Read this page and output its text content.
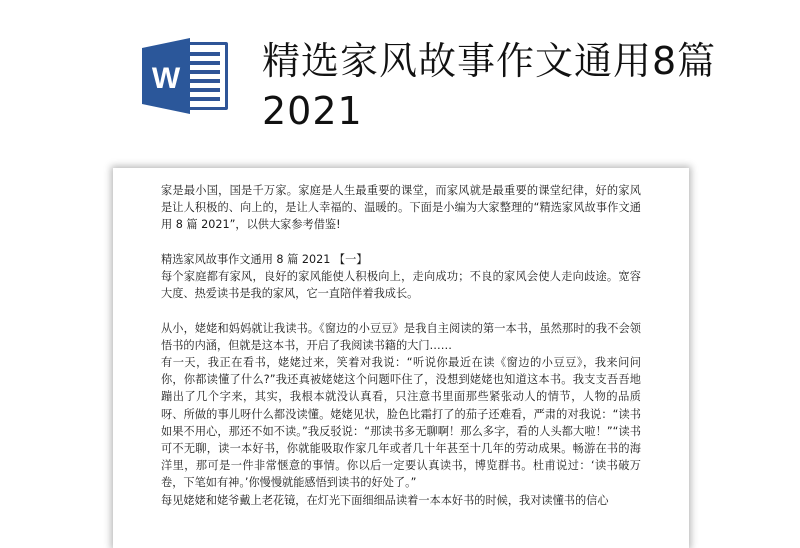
W 精选家风故事作文通用8篇2021

家是最小国，国是千万家。家庭是人生最重要的课堂，而家风就是最重要的课堂纪律，好的家风是让人积极的、向上的，是让人幸福的、温暖的。下面是小编为大家整理的“精选家风故事作文通用 8 篇 2021”，以供大家参考借鉴!

精选家风故事作文通用 8 篇 2021 【一】

每个家庭都有家风，良好的家风能使人积极向上，走向成功；不良的家风会使人走向歧途。宽容大度、热爱读书是我的家风，它一直陪伴着我成长。

从小，姥姥和妈妈就让我读书。《窗边的小豆豆》是我自主阅读的第一本书，虽然那时的我不会领悟书的内涵，但就是这本书，开启了我阅读书籍的大门……

有一天，我正在看书，姥姥过来，笑着对我说：“听说你最近在读《窗边的小豆豆》，我来问问你，你都读懂了什么?”我还真被姥姥这个问题吓住了，没想到姥姥也知道这本书。我支支吾吾地蹦出了几个字来，其实，我根本就没认真看，只注意书里面那些紧张动人的情节，人物的品质呀、所做的事儿呀什么都没读懂。姥姥见状，脸色比霜打了的茄子还难看，严肃的对我说：“读书如果不用心，那还不如不读。”我反驳说：“那读书多无聊啊！那么多字，看的人头都大啦！”“读书可不无聊，读一本好书，你就能吸取作家几年或者几十年甚至十几年的劳动成果。畅游在书的海洋里，那可是一件非常惬意的事情。你以后一定要认真读书，博览群书。杜甫说过：‘读书破万卷，下笔如有神。’你慢慢就能感悟到读书的好处了。”

每见姥姥和姥爷戴上老花镜，在灯光下面细细品读着一本本好书的时候，我对读懂书的信心
